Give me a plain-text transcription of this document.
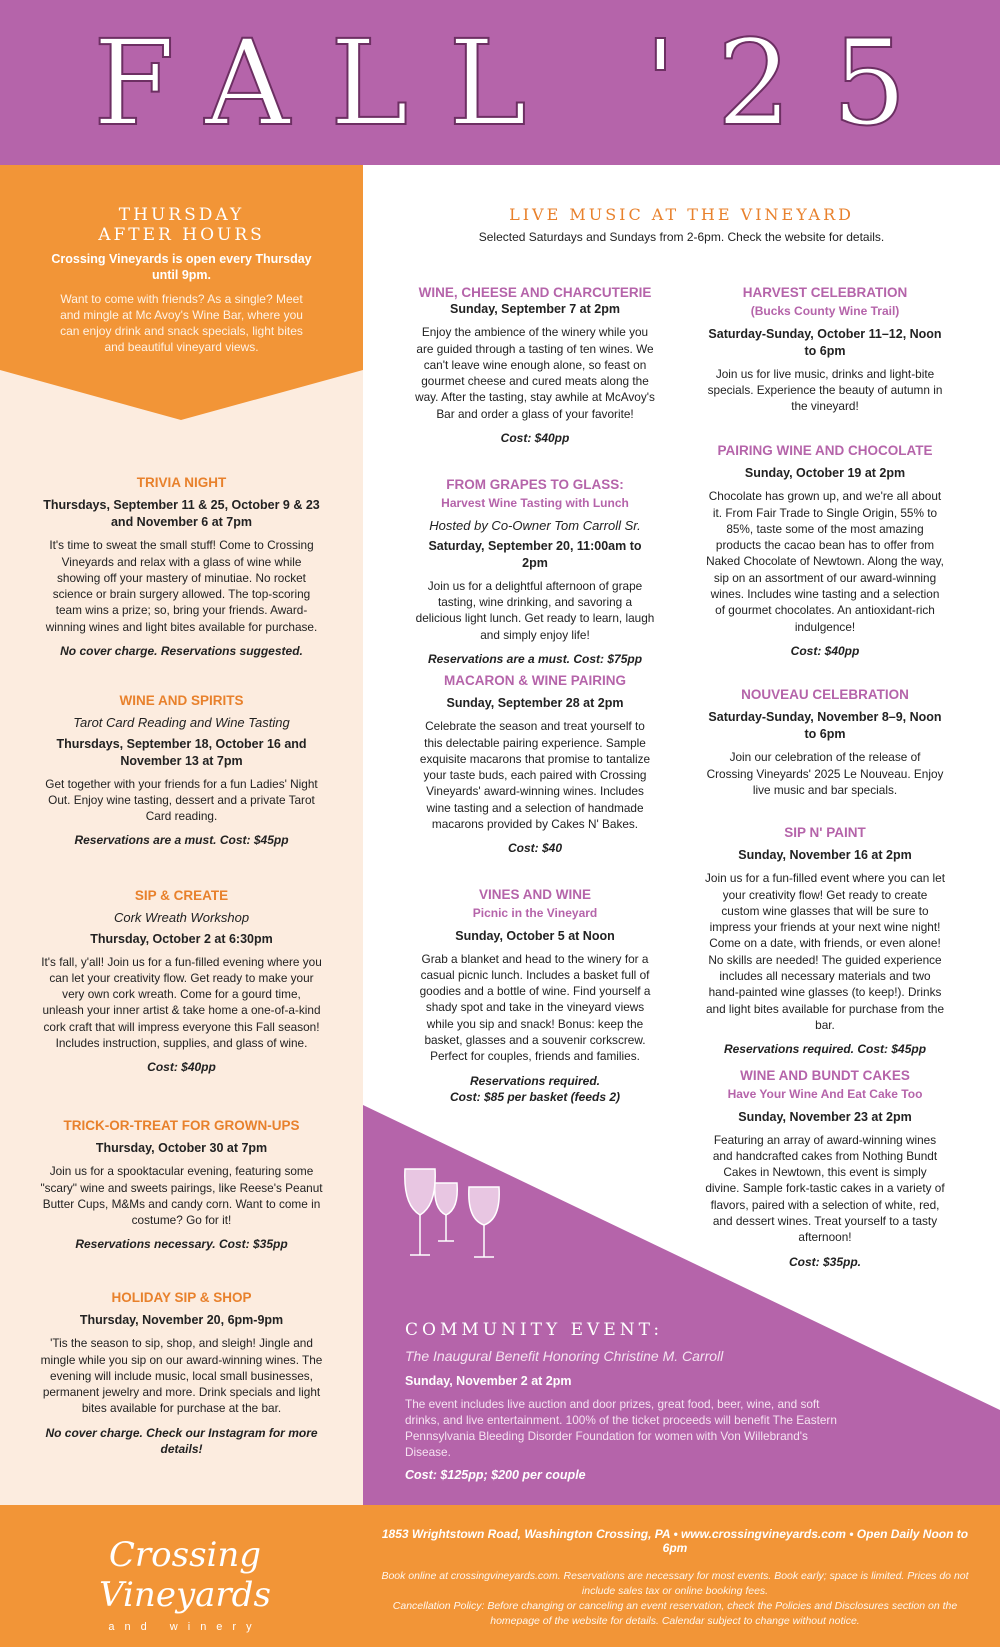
FALL '25
THURSDAY
AFTER HOURS
Crossing Vineyards is open every Thursday until 9pm.
Want to come with friends? As a single? Meet and mingle at Mc Avoy's Wine Bar, where you can enjoy drink and snack specials, light bites and beautiful vineyard views.
TRIVIA NIGHT
Thursdays, September 11 & 25, October 9 & 23 and November 6 at 7pm
It's time to sweat the small stuff! Come to Crossing Vineyards and relax with a glass of wine while showing off your mastery of minutiae. No rocket science or brain surgery allowed. The top-scoring team wins a prize; so, bring your friends. Award-winning wines and light bites available for purchase.
No cover charge. Reservations suggested.
WINE AND SPIRITS
Tarot Card Reading and Wine Tasting
Thursdays, September 18, October 16 and November 13 at 7pm
Get together with your friends for a fun Ladies' Night Out. Enjoy wine tasting, dessert and a private Tarot Card reading.
Reservations are a must. Cost: $45pp
SIP & CREATE
Cork Wreath Workshop
Thursday, October 2 at 6:30pm
It's fall, y'all! Join us for a fun-filled evening where you can let your creativity flow. Get ready to make your very own cork wreath. Come for a gourd time, unleash your inner artist & take home a one-of-a-kind cork craft that will impress everyone this Fall season! Includes instruction, supplies, and glass of wine.
Cost: $40pp
TRICK-OR-TREAT FOR GROWN-UPS
Thursday, October 30 at 7pm
Join us for a spooktacular evening, featuring some "scary" wine and sweets pairings, like Reese's Peanut Butter Cups, M&Ms and candy corn. Want to come in costume? Go for it!
Reservations necessary. Cost: $35pp
HOLIDAY SIP & SHOP
Thursday, November 20, 6pm-9pm
'Tis the season to sip, shop, and sleigh! Jingle and mingle while you sip on our award-winning wines. The evening will include music, local small businesses, permanent jewelry and more. Drink specials and light bites available for purchase at the bar.
No cover charge. Check our Instagram for more details!
LIVE MUSIC AT THE VINEYARD
Selected Saturdays and Sundays from 2-6pm. Check the website for details.
WINE, CHEESE AND CHARCUTERIE
Sunday, September 7 at 2pm
Enjoy the ambience of the winery while you are guided through a tasting of ten wines. We can't leave wine enough alone, so feast on gourmet cheese and cured meats along the way. After the tasting, stay awhile at McAvoy's Bar and order a glass of your favorite!
Cost: $40pp
FROM GRAPES TO GLASS:
Harvest Wine Tasting with Lunch
Hosted by Co-Owner Tom Carroll Sr.
Saturday, September 20, 11:00am to 2pm
Join us for a delightful afternoon of grape tasting, wine drinking, and savoring a delicious light lunch. Get ready to learn, laugh and simply enjoy life!
Reservations are a must. Cost: $75pp
MACARON & WINE PAIRING
Sunday, September 28 at 2pm
Celebrate the season and treat yourself to this delectable pairing experience. Sample exquisite macarons that promise to tantalize your taste buds, each paired with Crossing Vineyards' award-winning wines. Includes wine tasting and a selection of handmade macarons provided by Cakes N' Bakes.
Cost: $40
VINES AND WINE
Picnic in the Vineyard
Sunday, October 5 at Noon
Grab a blanket and head to the winery for a casual picnic lunch. Includes a basket full of goodies and a bottle of wine. Find yourself a shady spot and take in the vineyard views while you sip and snack! Bonus: keep the basket, glasses and a souvenir corkscrew. Perfect for couples, friends and families.
Reservations required.
Cost: $85 per basket (feeds 2)
HARVEST CELEBRATION
(Bucks County Wine Trail)
Saturday-Sunday, October 11–12, Noon to 6pm
Join us for live music, drinks and light-bite specials. Experience the beauty of autumn in the vineyard!
PAIRING WINE AND CHOCOLATE
Sunday, October 19 at 2pm
Chocolate has grown up, and we're all about it. From Fair Trade to Single Origin, 55% to 85%, taste some of the most amazing products the cacao bean has to offer from Naked Chocolate of Newtown. Along the way, sip on an assortment of our award-winning wines. Includes wine tasting and a selection of gourmet chocolates. An antioxidant-rich indulgence!
Cost: $40pp
NOUVEAU CELEBRATION
Saturday-Sunday, November 8–9, Noon to 6pm
Join our celebration of the release of Crossing Vineyards' 2025 Le Nouveau. Enjoy live music and bar specials.
SIP N' PAINT
Sunday, November 16 at 2pm
Join us for a fun-filled event where you can let your creativity flow! Get ready to create custom wine glasses that will be sure to impress your friends at your next wine night! Come on a date, with friends, or even alone! No skills are needed! The guided experience includes all necessary materials and two hand-painted wine glasses (to keep!). Drinks and light bites available for purchase from the bar.
Reservations required. Cost: $45pp
WINE AND BUNDT CAKES
Have Your Wine And Eat Cake Too
Sunday, November 23 at 2pm
Featuring an array of award-winning wines and handcrafted cakes from Nothing Bundt Cakes in Newtown, this event is simply divine. Sample fork-tastic cakes in a variety of flavors, paired with a selection of white, red, and dessert wines. Treat yourself to a tasty afternoon!
Cost: $35pp.
COMMUNITY EVENT:
The Inaugural Benefit Honoring Christine M. Carroll
Sunday, November 2 at 2pm
The event includes live auction and door prizes, great food, beer, wine, and soft drinks, and live entertainment. 100% of the ticket proceeds will benefit The Eastern Pennsylvania Bleeding Disorder Foundation for women with Von Willebrand's Disease.
Cost: $125pp; $200 per couple
Crossing Vineyards
and winery
1853 Wrightstown Road, Washington Crossing, PA • www.crossingvineyards.com • Open Daily Noon to 6pm
Book online at crossingvineyards.com. Reservations are necessary for most events. Book early; space is limited. Prices do not include sales tax or online booking fees.
Cancellation Policy: Before changing or canceling an event reservation, check the Policies and Disclosures section on the homepage of the website for details. Calendar subject to change without notice.
